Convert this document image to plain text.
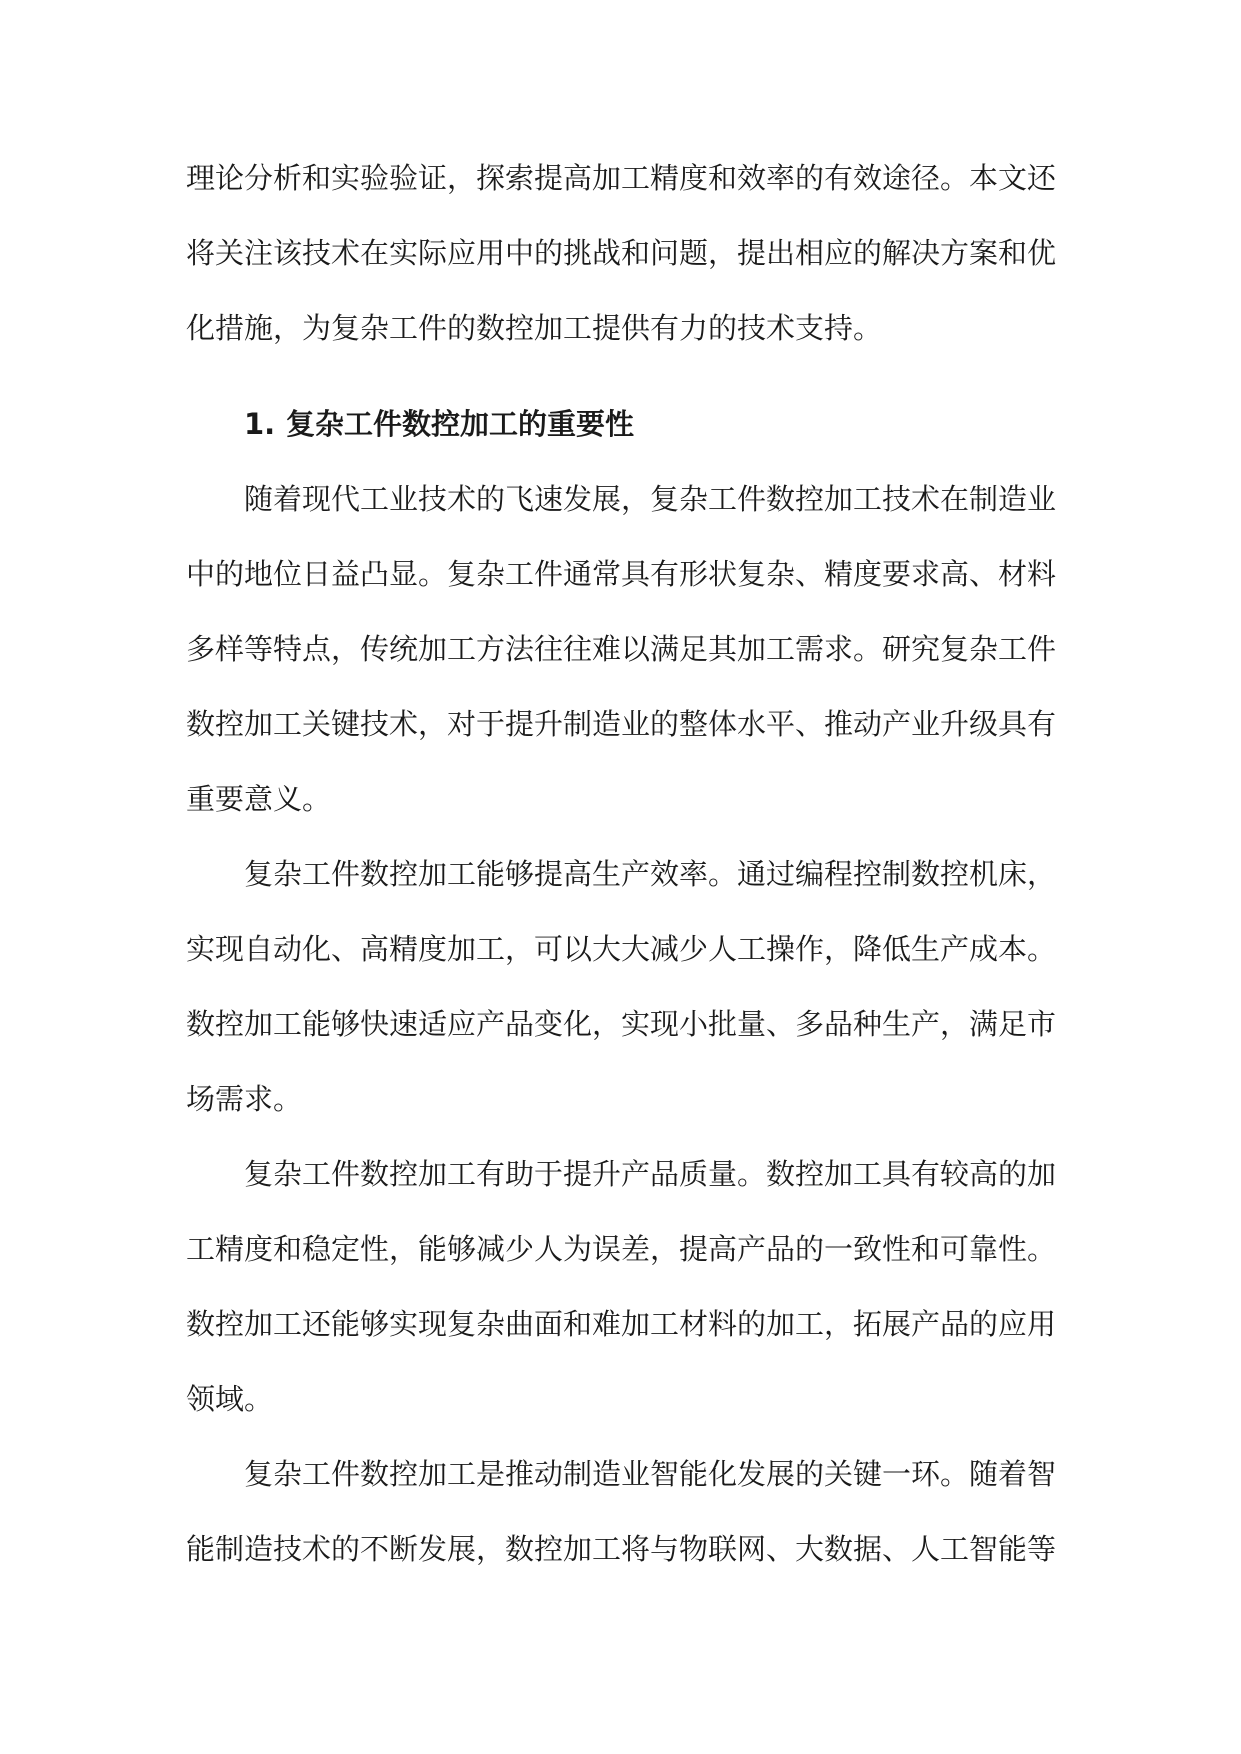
理论分析和实验验证，探索提高加工精度和效率的有效途径。本文还
将关注该技术在实际应用中的挑战和问题，提出相应的解决方案和优
化措施，为复杂工件的数控加工提供有力的技术支持。
1. 复杂工件数控加工的重要性
随着现代工业技术的飞速发展，复杂工件数控加工技术在制造业
中的地位日益凸显。复杂工件通常具有形状复杂、精度要求高、材料
多样等特点，传统加工方法往往难以满足其加工需求。研究复杂工件
数控加工关键技术，对于提升制造业的整体水平、推动产业升级具有
重要意义。
复杂工件数控加工能够提高生产效率。通过编程控制数控机床，
实现自动化、高精度加工，可以大大减少人工操作，降低生产成本。
数控加工能够快速适应产品变化，实现小批量、多品种生产，满足市
场需求。
复杂工件数控加工有助于提升产品质量。数控加工具有较高的加
工精度和稳定性，能够减少人为误差，提高产品的一致性和可靠性。
数控加工还能够实现复杂曲面和难加工材料的加工，拓展产品的应用
领域。
复杂工件数控加工是推动制造业智能化发展的关键一环。随着智
能制造技术的不断发展，数控加工将与物联网、大数据、人工智能等
